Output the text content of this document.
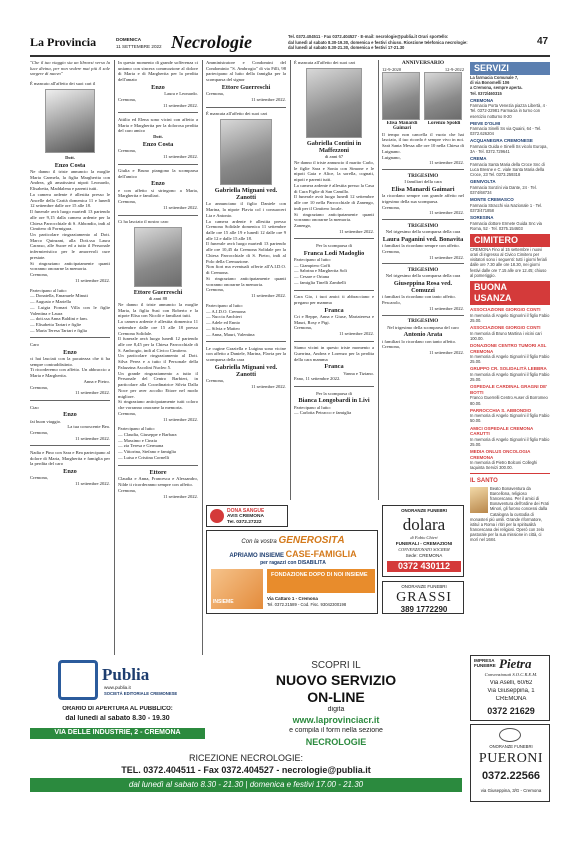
La Provincia	DOMENICA
11 SETTEMBRE 2022 Necrologie	Tel. 0372.404511 · Fax 0372.404527 · E-mail: necrologie@publia.it Orari sportello:
dal lunedì al sabato 8.30-19.30, domenica e festivi chiuso. Ricezione telefonica necrologie:
dal lunedì al sabato 8.30-21.30, domenica e festivi 17-21.30
47
"Che il tuo viaggio sia un librarsi verso la luce divina, per non vedere mai più il sole sorgere di nuovo"
È mancato all'affetto dei suoi cari il
Dott.
Enzo Costa
Ne danno il triste annuncio la moglie Maria Carmela, la figlia Margherita con Andrea, gli amatissimi nipoti Leonardo, Elisabetta, Maddalena e parenti tutti.
La camera ardente è allestita presso le Ancelle della Carità domenica 11 e lunedì 12 settembre dalle ore 15 alle 18.
Il funerale avrà luogo martedì 13 partendo alle ore 9,15 dalla camera ardente per la Chiesa Parrocchiale di S. Abbondio, indi al Cimitero di Formigara.
Un particolare ringraziamento al Dott. Marco Quinzani, alla Dott.ssa Laura Carasso, alle Suore ed a tutto il Personale infermieristico per le amorevoli cure prestate.
Si ringraziano anticipatamente quanti vorranno onorarne la memoria.
Cremona,
11 settembre 2022.
Partecipano al lutto:
— Donatella, Emanuele Minuti
— Augusto e Mariella
— Luigia Fornari Villa con le figlie Valentina e Laura
— dott.ssa Anna Baldini e fam.
— Elisabetta Tartari e figlie
— Maria Teresa Tartari e figlia
Caro
Enzo
ci hai lasciati con la pacatezza che ti ha sempre contraddistinto.
Ti ricorderemo con affetto. Un abbraccio a Maria e Margherita.
Anna e Pietro.
Cremona,
11 settembre 2022.
Ciao
Enzo
fai buon viaggio.
La tua conoscente Bea.
Cremona,
11 settembre 2022.
Nadia e Pino con Sara e Bea partecipano al dolore di Maria, Margherita e famiglia per la perdita del caro
Enzo
Cremona,
11 settembre 2022.
In questo momento di grande sofferenza ci uniamo con sincera commozione al dolore di Maria e di Margherita per la perdita dell'amato
Enzo
Laura e Leonardo.
Cremona,
11 settembre 2022.
Attilio ed Elena sono vicini con affetto a Maria e Margherita per la dolorosa perdita del caro amico
Dott.
Enzo Costa
Cremona,
11 settembre 2022.
Giulia e Bruno piangono la scomparsa dell'amico
Enzo
e con affetto si stringono a Maria, Margherita e familiari.
Cremona,
11 settembre 2022.
Ci ha lasciato il nostro caro
Ettore Guerreschi
di anni 88
Ne danno il triste annuncio la moglie Maria, la figlia Susi con Roberto e la nipote Elisa con Nicolò e familiari tutti.
La camera ardente è allestita domenica 11 settembre dalle ore 15 alle 18 presso Cremona Solidale.
Il funerale avrà luogo lunedì 12 partendo alle ore 8,45 per la Chiesa Parrocchiale di S. Ambrogio, indi al Civico Cimitero.
Un particolare ringraziamento al Dott. Silva Perez e a tutto il Personale della Palazzina Ascolini Nucleo 5.
Un grande ringraziamento a tutto il Personale del Centro Barbieri, in particolare alla Coordinatrice Silvia Dalla Noce per aver accolto Ettore nel modo migliore.
Si ringraziano anticipatamente tutti coloro che vorranno onorarne la memoria.
Cremona,
11 settembre 2022.
Partecipano al lutto:
— Claudia, Giuseppe e Barbara
— Massimo e Cinzia
— zia Teresa e Germana
— Vittorina, Stefano e famiglia
— Luisa e Cristina Cornelli
Ettore
Claudia e Anna, Francesca e Alessandro, Nilde ti ricorderanno sempre con affetto.
Cremona,
11 settembre 2022.
Amministratore e Condomini del Condominio "S. Ambrogio" di via Fillì, 98 partecipano al lutto della famiglia per la scomparsa del signor
Ettore Guerreschi
Cremona,
11 settembre 2022.
È mancata all'affetto dei suoi cari
Gabriella Mignani ved. Zanotti
Lo annunciano il figlio Daniele con Marina, la nipote Flavia col i consuoceri Lia e Antonio.
La camera ardente è allestita presso Cremona Solidale domenica 11 settembre dalle ore 15 alle 19 e lunedì 12 dalle ore 9 alle 12 e dalle 15 alle 18.
Il funerale avrà luogo martedì 13 partendo alle ore 10,45 da Cremona Solidale per la Chiesa Parrocchiale di S. Pietro, indi al Polo della Cremazione.
Non fiori ma eventuali offerte all'A.I.D.O. di Cremona.
Si ringraziano anticipatamente quanti vorranno onorarne la memoria.
Cremona,
11 settembre 2022.
Partecipano al lutto:
— A.I.D.O. Cremona
— Nuccia Anchieri
— Adele ed Ennio
— Silvia e Matteo
— Anna, Mauri, Valentina
Le cugine Graziella e Luigina sono vicine con affetto a Daniele, Marina, Flavia per la scomparsa della cara
Gabriella Mignani ved. Zanotti
Cremona,
11 settembre 2022.
È mancata all'affetto dei suoi cari
Gabriella Contini in Maffezzoni
di anni 67
Ne danno il triste annuncio il marito Carlo, le figlie Sara e Sonia con Simone e le nipoti Gaia e Alice, la sorella, cognati, nipoti e parenti tutti.
La camera ardente è allestita presso la Casa di Cura Figlie di San Camillo.
Il funerale avrà luogo lunedì 12 settembre alle ore 10 nella Parrocchiale di Zanengo, indi per il Cimitero locale.
Si ringraziano anticipatamente quanti vorranno onorarne la memoria.
Zanengo,
11 settembre 2022.
Per la scomparsa di
Franca Lodi Madoglio
Partecipano al lutto:
— Giampiero Goffi
— Sabrina e Margherita Soli
— Cesare e Oriana
— famiglia Tinelli Zambelli
Cara Gio, i tuoi amici ti abbracciano e pregano per mamma
Franca
Cri e Beppe, Anna e Giuse, Mariateresa e Mauri, Rosy e Pigi.
Cremona,
11 settembre 2022.
Siamo vicini in questo triste momento a Guerrina, Andrea e Lorenzo per la perdita della cara mamma
Franca
Vanna e Tiziano.
Fano, 11 settembre 2022.
Per la scomparsa di
Bianca Longobardi in Livi
Partecipano al lutto:
— Carlotta Petracco e famiglia
ANNIVERSARIO
12-9-2020	12-9-2022
Elisa Manardi Gaimari
Lorenzo Spoldi
Il tempo non cancella il vuoto che hai lasciato, il tuo ricordo è sempre vivo in noi. Sarà Santa Messa alle ore 10 nella Chiesa di Luignano.
Luignano,
11 settembre 2022.
TRIGESIMO
I familiari della cara
Elisa Manardi Gaimari
la ricordano sempre con grande affetto nel trigesimo della sua scomparsa.
Cremona,
11 settembre 2022.
TRIGESIMO
Nel trigesimo della scomparsa della cara
Laura Paganini ved. Bonavita
i familiari la ricordano sempre con affetto.
Cremona,
11 settembre 2022.
TRIGESIMO
Nel trigesimo della scomparsa della cara
Giuseppina Rosa ved. Comuzzi
i familiari la ricordano con tanto affetto.
Pescarolo,
11 settembre 2022.
TRIGESIMO
Nel trigesimo della scomparsa del caro
Antonio Arata
i familiari lo ricordano con tanto affetto.
Cremona,
11 settembre 2022.
DONA SANGUE
AVIS CREMONA
Tel. 0372.27222
Con la vostra GENEROSITÀ
APRIAMO INSIEME CASE-FAMIGLIA
per ragazzi con DISABILITÀ
INSIEME
FONDAZIONE DOPO DI NOI INSIEME
Via Cattaro 1 - Cremona
Tel. 0372.21589 - Cod. Fisc. 93042300198
ONORANZE FUNEBRI
dolara
di Fabio Chieri
FUNERALI - CREMAZIONI
CONVENZIONATO SOCREM
Sede: CREMONA
0372 430112
ONORANZE FUNEBRI
GRASSI
389 1772290
Publia
www.publia.it
SOCIETÀ EDITORIALE CREMONESE
ORARIO DI APERTURA AL PUBBLICO:
dal lunedì al sabato 8.30 - 19.30
VIA DELLE INDUSTRIE, 2 - CREMONA
SCOPRI IL
NUOVO SERVIZIO
ON-LINE
digita
www.laprovinciacr.it
e compila il form nella sezione
NECROLOGIE
RICEZIONE NECROLOGIE:
TEL. 0372.404511 - Fax 0372.404527 - necrologie@publia.it
dal lunedì al sabato 8.30 - 21.30 | domenica e festivi 17.00 - 21.30
SERVIZI
La farmacia Comunale 7,
di via Bonomelli 106
a Cremona, sempre aperta.
Tel. 0372/460315
CREMONA
Farmacia Porta Venezia piazza Libertà, 4 · Tel. 0372-22981 Farmacia in turno con esercizio notturno 8-20
PIEVE D'OLMI
Farmacia Sinelli Ss via Quaini, 64 - Tel. 0372.626204
ACQUANEGRA CREMONESE
Farmacia Guida e Sinelli Ss vicolo Europa, 3A · Tel. 0372.729641
CREMA
Farmacia Santa Maria della Croce Snc di Luca Bresne e C. viale Santa Maria della Croce, 23 Tel. 0373.259318
GENIVOLTA
Farmacia Sonzini via Dante, 24 · Tel. 0374/68734
MONTE CREMASCO
Farmacia Stracchi via Nazionale 1 · Tel. 0373/471858
SORESINA
Farmacia dottore Ermete Guida Snc via Roma, 52 · Tel. 0375.154603
CIMITERO
CREMONA Fino al 15 settembre i nuovi orari di ingresso al Civico Cimitero per visitatori sono i seguenti: tutti i giorni feriali dalle ore 7.30 alle ore 18.30, nei giorni festivi dalle ore 7.15 alle ore 12.45; chiuso al pomeriggio.
BUONA USANZA
ASSOCIAZIONE GIORGIO CONTI
In memoria di Angelo Signorini il figlio Fabio 25.00.
ASSOCIAZIONE GIORGIO CONTI
In memoria di Bruno Martina i vicini cari 100.00.
DONAZIONE CENTRO TUMORI ASL CREMONA
In memoria di Angelo Signorini il figlio Fabio 25.00.
GRUPPO CR. SOLIDALITÀ LEBBRA
In memoria di Angelo Signorini il figlio Fabio 25.00.
OSPEDALE CARDINAL GRAGNI DE' BOTTI
Franco Guerrelli Centro Auser di Borromeo 80.00.
PARROCCHIA S. ABBONDIO
In memoria di Angelo Signorini il figlio Fabio 50.00.
AMICI OSPEDALE CREMONA CARUTTI
In memoria di Angelo Signorini il figlio Fabio 25.00.
MEDIA ONLUS ONCOLOGIA CREMONA
In memoria di Pietro Bolconi Colleghi Iaquinta Servizi 300.00.
IL SANTO
Beato Bonaventura da Barcellona, religioso francescano. Per il amici di Bonaventura dell'ordine dei Frati Minori, gli furono concessi dalla Catalogna la custodia di monasteri più umili. Grande riformatore, istituì a Roma i ritiri per la spiritualità francescana dei religiosi. Operò con zelo pastorale per la sua missione in città, ci morì nel 1684.
IMPRESA
FUNEBRE Pietra
Convenzionati S.O.C.R.E.M.
Via Aselli, 60/62
Via Giuseppina, 1
CREMONA
0372 21629
ONORANZE FUNEBRI
PUERONI
0372.22566
via Giuseppina, 3/G - Cremona
